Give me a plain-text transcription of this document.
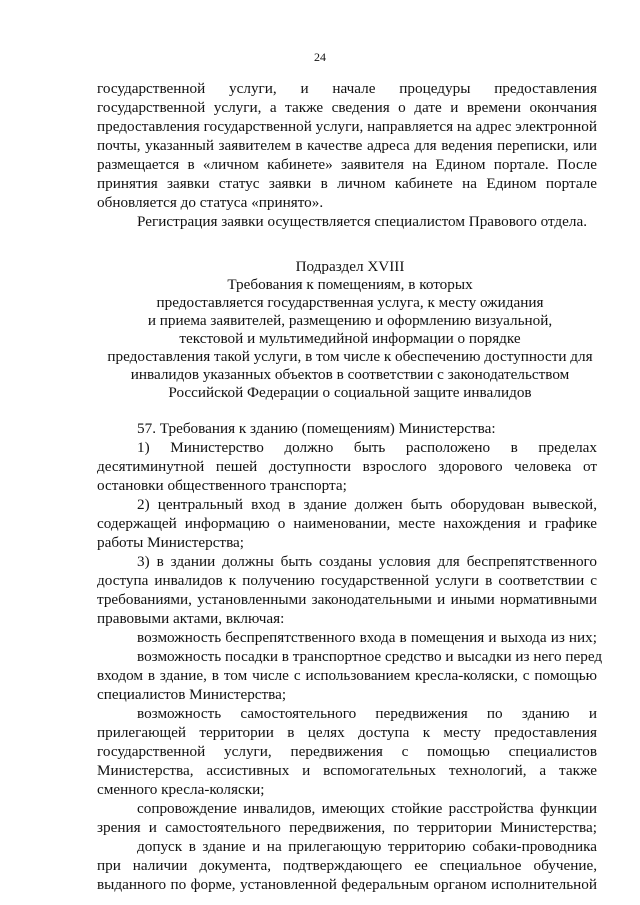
24
государственной услуги, и начале процедуры предоставления
государственной услуги, а также сведения о дате и времени окончания
предоставления государственной услуги, направляется на адрес электронной
почты, указанный заявителем в качестве адреса для ведения переписки, или
размещается в «личном кабинете» заявителя на Едином портале. После
принятия заявки статус заявки в личном кабинете на Едином портале
обновляется до статуса «принято».
Регистрация заявки осуществляется специалистом Правового отдела.
Подраздел XVIII
Требования к помещениям, в которых
предоставляется государственная услуга, к месту ожидания
и приема заявителей, размещению и оформлению визуальной,
текстовой и мультимедийной информации о порядке
предоставления такой услуги, в том числе к обеспечению доступности для
инвалидов указанных объектов в соответствии с законодательством
Российской Федерации о социальной защите инвалидов
57. Требования к зданию (помещениям) Министерства:
1) Министерство должно быть расположено в пределах
десятиминутной пешей доступности взрослого здорового человека от
остановки общественного транспорта;
2) центральный вход в здание должен быть оборудован вывеской,
содержащей информацию о наименовании, месте нахождения и графике
работы Министерства;
3) в здании должны быть созданы условия для беспрепятственного
доступа инвалидов к получению государственной услуги в соответствии с
требованиями, установленными законодательными и иными нормативными
правовыми актами, включая:
возможность беспрепятственного входа в помещения и выхода из них;
возможность посадки в транспортное средство и высадки из него перед
входом в здание, в том числе с использованием кресла-коляски, с помощью
специалистов Министерства;
возможность самостоятельного передвижения по зданию и
прилегающей территории в целях доступа к месту предоставления
государственной услуги, передвижения с помощью специалистов
Министерства, ассистивных и вспомогательных технологий, а также
сменного кресла-коляски;
сопровождение инвалидов, имеющих стойкие расстройства функции
зрения и самостоятельного передвижения, по территории Министерства;
допуск в здание и на прилегающую территорию собаки-проводника
при наличии документа, подтверждающего ее специальное обучение,
выданного по форме, установленной федеральным органом исполнительной
